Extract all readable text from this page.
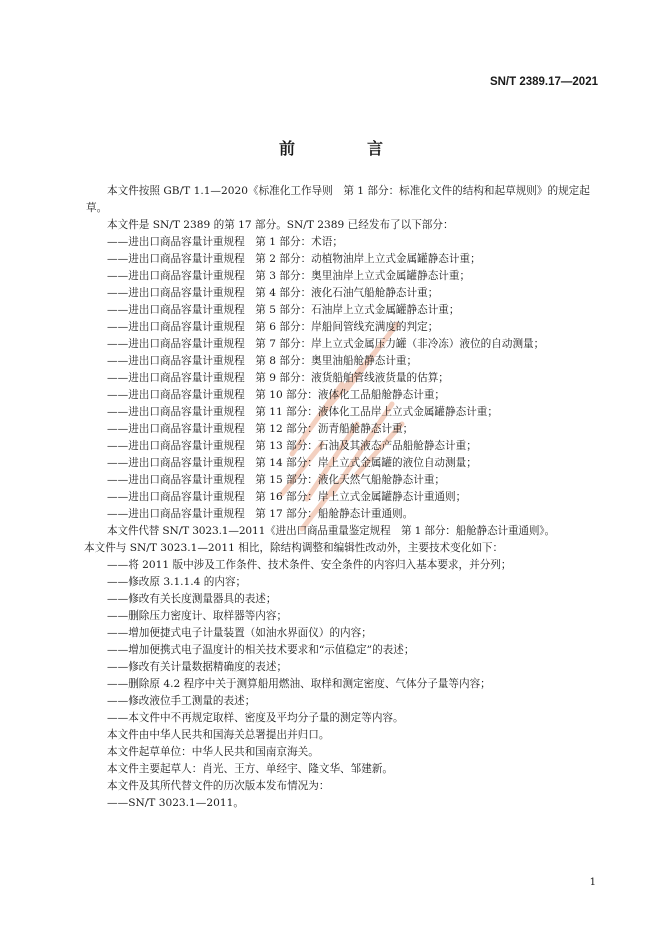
SN/T 2389.17—2021
前　言

本文件按照 GB/T 1.1—2020《标准化工作导则　第 1 部分：标准化文件的结构和起草规则》的规定起草。

本文件是 SN/T 2389 的第 17 部分。SN/T 2389 已经发布了以下部分：

——进出口商品容量计重规程　第 1 部分：术语；

——进出口商品容量计重规程　第 2 部分：动植物油岸上立式金属罐静态计重；

——进出口商品容量计重规程　第 3 部分：奥里油岸上立式金属罐静态计重；

——进出口商品容量计重规程　第 4 部分：液化石油气船舱静态计重；

——进出口商品容量计重规程　第 5 部分：石油岸上立式金属罐静态计重；

——进出口商品容量计重规程　第 6 部分：岸船间管线充满度的判定；

——进出口商品容量计重规程　第 7 部分：岸上立式金属压力罐（非冷冻）液位的自动测量；

——进出口商品容量计重规程　第 8 部分：奥里油船舱静态计重；

——进出口商品容量计重规程　第 9 部分：液货船舶管线液货量的估算；

——进出口商品容量计重规程　第 10 部分：液体化工品船舱静态计重；

——进出口商品容量计重规程　第 11 部分：液体化工品岸上立式金属罐静态计重；

——进出口商品容量计重规程　第 12 部分：沥青船舱静态计重；

——进出口商品容量计重规程　第 13 部分：石油及其液态产品船舱静态计重；

——进出口商品容量计重规程　第 14 部分：岸上立式金属罐的液位自动测量；

——进出口商品容量计重规程　第 15 部分：液化天然气船舱静态计重；

——进出口商品容量计重规程　第 16 部分：岸上立式金属罐静态计重通则；

——进出口商品容量计重规程　第 17 部分：船舱静态计重通则。

本文件代替 SN/T 3023.1—2011《进出口商品重量鉴定规程　第 1 部分：船舱静态计重通则》。

本文件与 SN/T 3023.1—2011 相比，除结构调整和编辑性改动外，主要技术变化如下：

——将 2011 版中涉及工作条件、技术条件、安全条件的内容归入基本要求，并分列；

——修改原 3.1.1.4 的内容；

——修改有关长度测量器具的表述；

——删除压力密度计、取样器等内容；

——增加便捷式电子计量装置（如油水界面仪）的内容；

——增加便携式电子温度计的相关技术要求和“示值稳定”的表述；

——修改有关计量数据精确度的表述；

——删除原 4.2 程序中关于测算船用燃油、取样和测定密度、气体分子量等内容；

——修改液位手工测量的表述；

——本文件中不再规定取样、密度及平均分子量的测定等内容。

本文件由中华人民共和国海关总署提出并归口。

本文件起草单位：中华人民共和国南京海关。

本文件主要起草人：肖光、王方、单经宇、隆文华、邹建新。

本文件及其所代替文件的历次版本发布情况为：

——SN/T 3023.1—2011。

1
